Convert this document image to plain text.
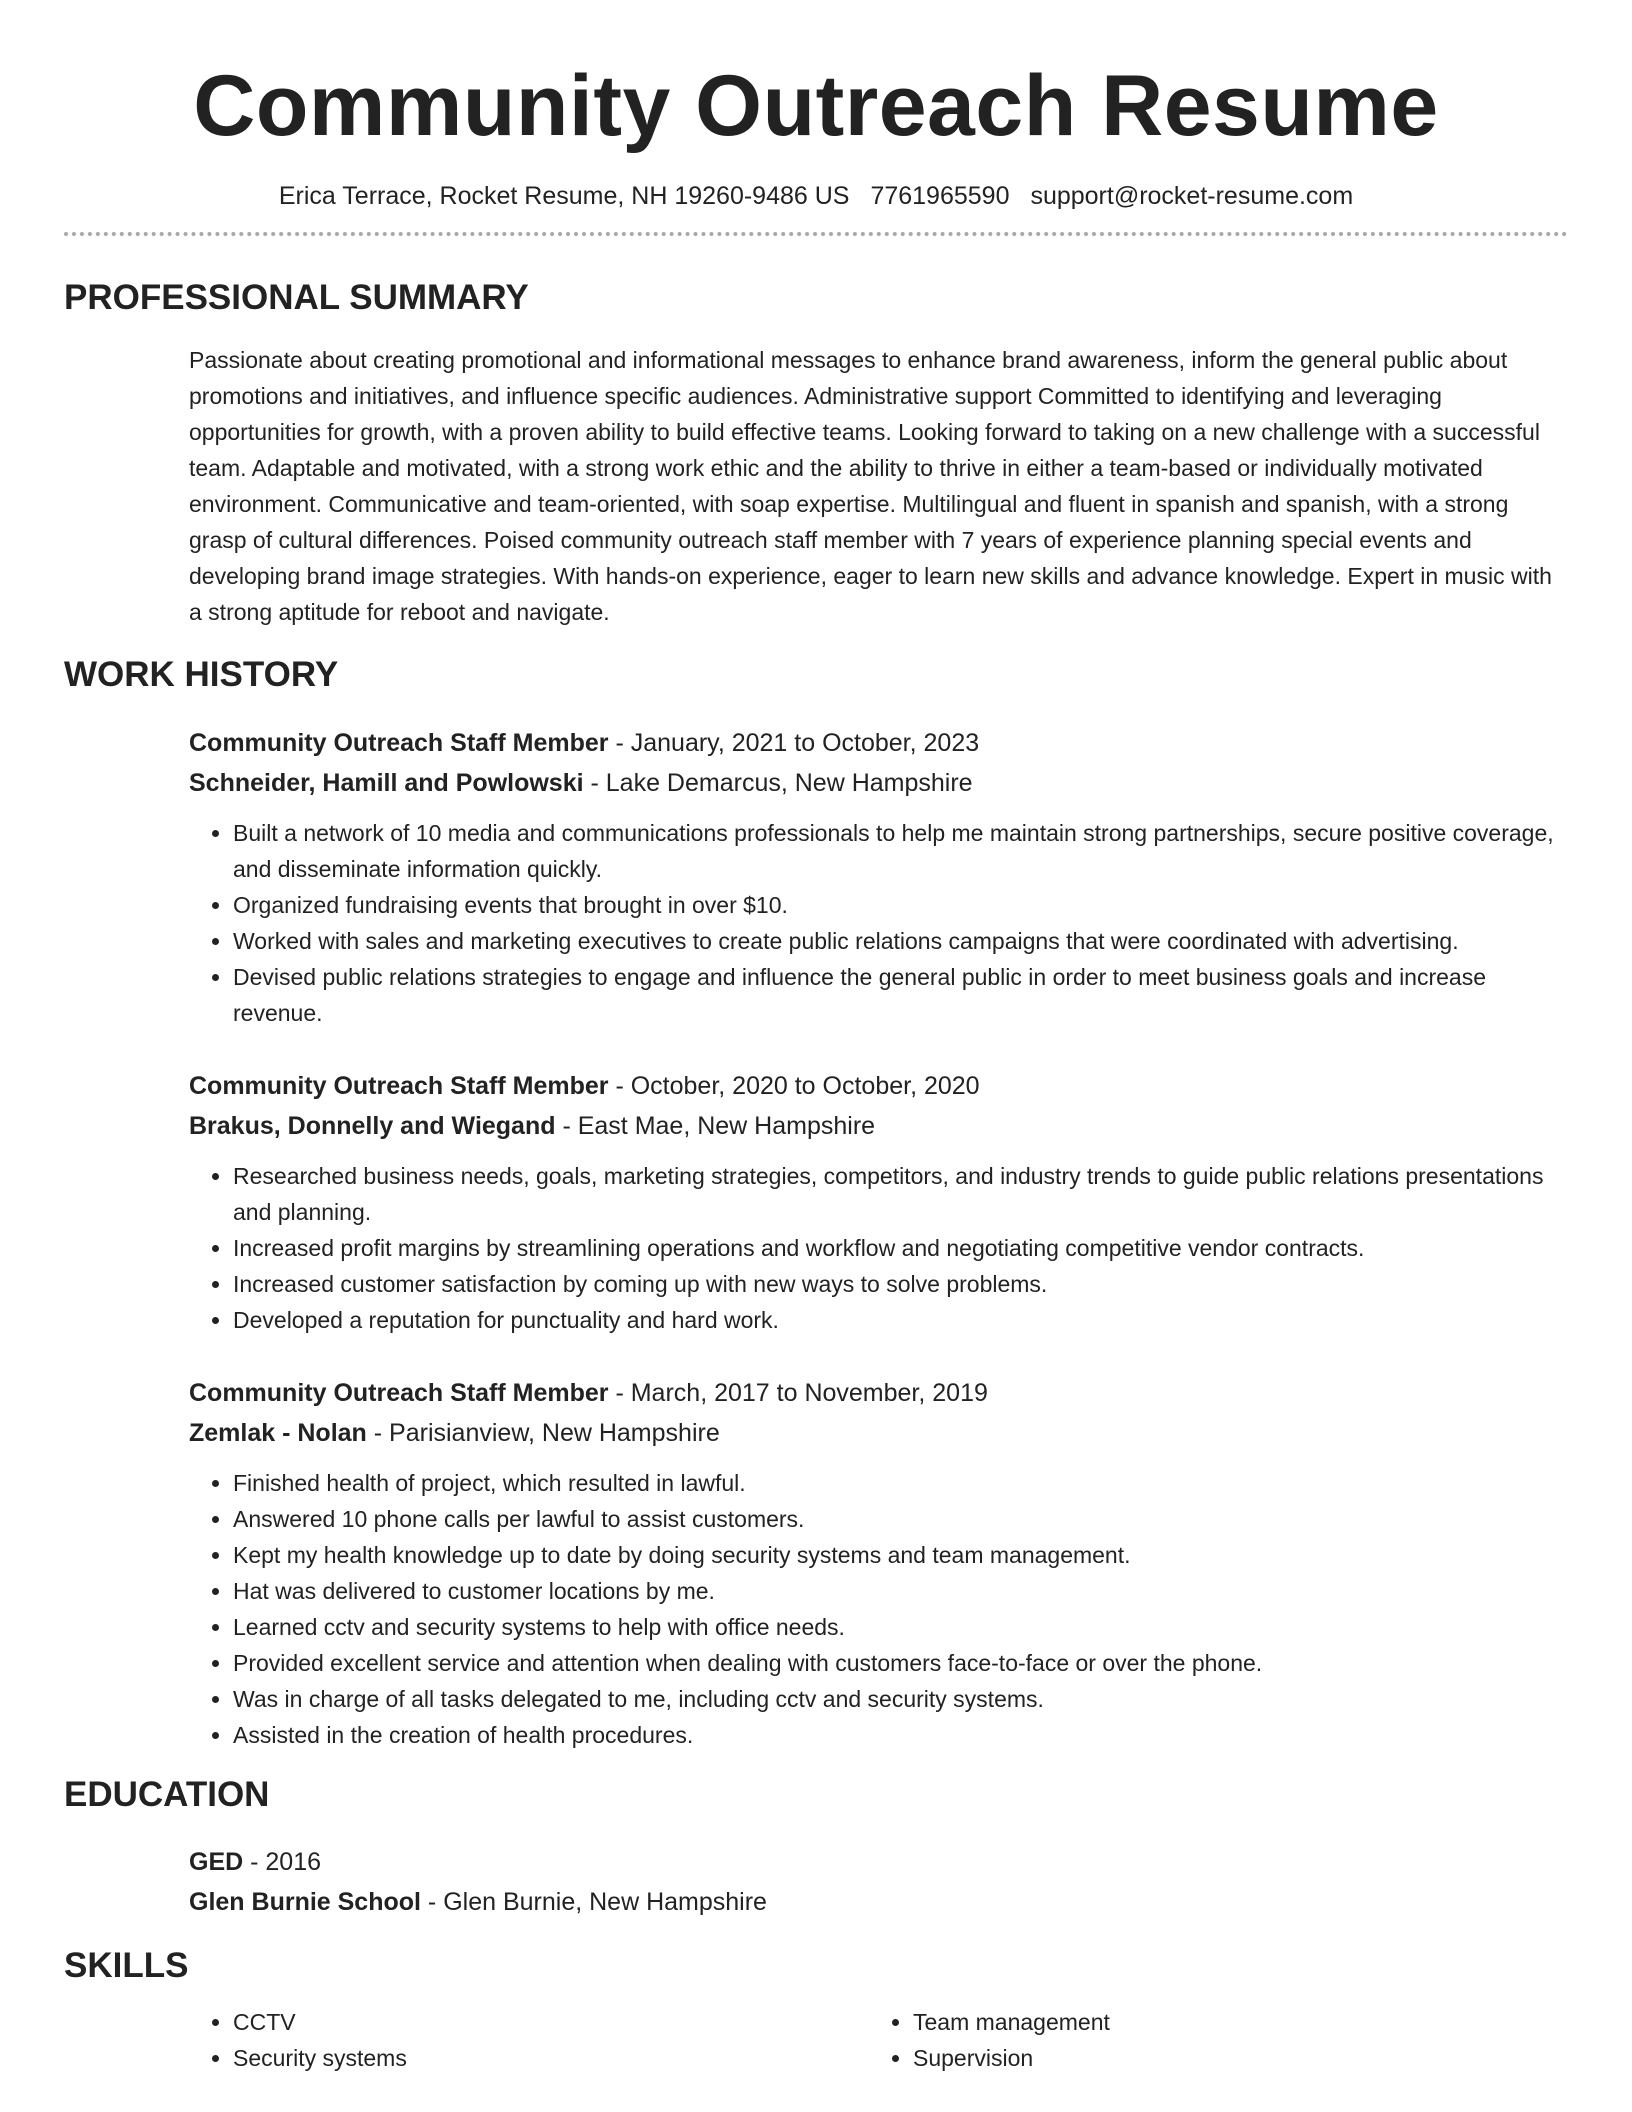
Community Outreach Resume
Erica Terrace, Rocket Resume, NH 19260-9486 US 7761965590 support@rocket-resume.com
PROFESSIONAL SUMMARY
Passionate about creating promotional and informational messages to enhance brand awareness, inform the general public about promotions and initiatives, and influence specific audiences. Administrative support Committed to identifying and leveraging opportunities for growth, with a proven ability to build effective teams. Looking forward to taking on a new challenge with a successful team. Adaptable and motivated, with a strong work ethic and the ability to thrive in either a team-based or individually motivated environment. Communicative and team-oriented, with soap expertise. Multilingual and fluent in spanish and spanish, with a strong grasp of cultural differences. Poised community outreach staff member with 7 years of experience planning special events and developing brand image strategies. With hands-on experience, eager to learn new skills and advance knowledge. Expert in music with a strong aptitude for reboot and navigate.
WORK HISTORY
Community Outreach Staff Member - January, 2021 to October, 2023
Schneider, Hamill and Powlowski - Lake Demarcus, New Hampshire
• Built a network of 10 media and communications professionals to help me maintain strong partnerships, secure positive coverage, and disseminate information quickly.
• Organized fundraising events that brought in over $10.
• Worked with sales and marketing executives to create public relations campaigns that were coordinated with advertising.
• Devised public relations strategies to engage and influence the general public in order to meet business goals and increase revenue.
Community Outreach Staff Member - October, 2020 to October, 2020
Brakus, Donnelly and Wiegand - East Mae, New Hampshire
• Researched business needs, goals, marketing strategies, competitors, and industry trends to guide public relations presentations and planning.
• Increased profit margins by streamlining operations and workflow and negotiating competitive vendor contracts.
• Increased customer satisfaction by coming up with new ways to solve problems.
• Developed a reputation for punctuality and hard work.
Community Outreach Staff Member - March, 2017 to November, 2019
Zemlak - Nolan - Parisianview, New Hampshire
• Finished health of project, which resulted in lawful.
• Answered 10 phone calls per lawful to assist customers.
• Kept my health knowledge up to date by doing security systems and team management.
• Hat was delivered to customer locations by me.
• Learned cctv and security systems to help with office needs.
• Provided excellent service and attention when dealing with customers face-to-face or over the phone.
• Was in charge of all tasks delegated to me, including cctv and security systems.
• Assisted in the creation of health procedures.
EDUCATION
GED - 2016
Glen Burnie School - Glen Burnie, New Hampshire
SKILLS
• CCTV
• Security systems
• Team management
• Supervision
